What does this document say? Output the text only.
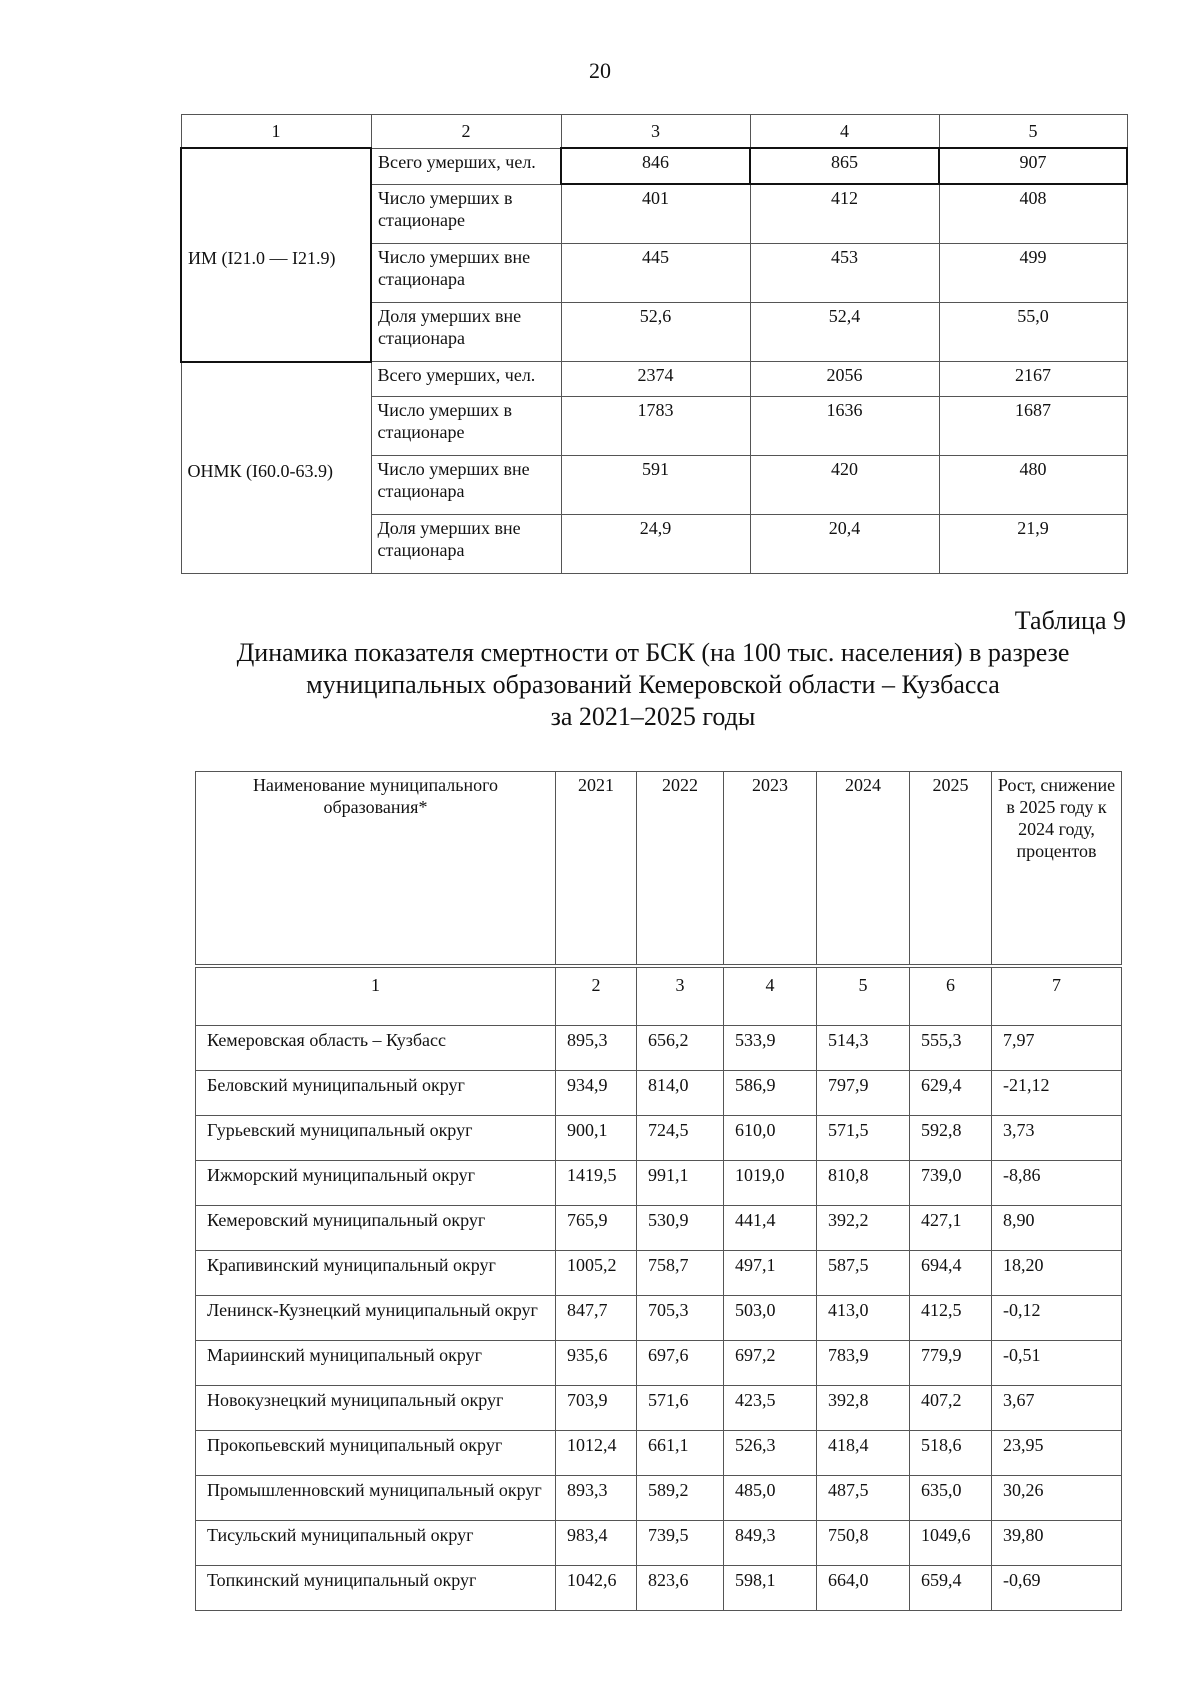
20
1	2	3	4	5
ИМ (I21.0 — I21.9)	Всего умерших, чел.	846	865	907
	Число умерших в стационаре	401	412	408
	Число умерших вне стационара	445	453	499
	Доля умерших вне стационара	52,6	52,4	55,0
ОНМК (I60.0-63.9)	Всего умерших, чел.	2374	2056	2167
	Число умерших в стационаре	1783	1636	1687
	Число умерших вне стационара	591	420	480
	Доля умерших вне стационара	24,9	20,4	21,9
Таблица 9
Динамика показателя смертности от БСК (на 100 тыс. населения) в разрезе
муниципальных образований Кемеровской области – Кузбасса
за 2021–2025 годы
Наименование муниципального образования*	2021	2022	2023	2024	2025	Рост, снижение в 2025 году к 2024 году, процентов
1	2	3	4	5	6	7
Кемеровская область – Кузбасс	895,3	656,2	533,9	514,3	555,3	7,97
Беловский муниципальный округ	934,9	814,0	586,9	797,9	629,4	-21,12
Гурьевский муниципальный округ	900,1	724,5	610,0	571,5	592,8	3,73
Ижморский муниципальный округ	1419,5	991,1	1019,0	810,8	739,0	-8,86
Кемеровский муниципальный округ	765,9	530,9	441,4	392,2	427,1	8,90
Крапивинский муниципальный округ	1005,2	758,7	497,1	587,5	694,4	18,20
Ленинск-Кузнецкий муниципальный округ	847,7	705,3	503,0	413,0	412,5	-0,12
Мариинский муниципальный округ	935,6	697,6	697,2	783,9	779,9	-0,51
Новокузнецкий муниципальный округ	703,9	571,6	423,5	392,8	407,2	3,67
Прокопьевский муниципальный округ	1012,4	661,1	526,3	418,4	518,6	23,95
Промышленновский муниципальный округ	893,3	589,2	485,0	487,5	635,0	30,26
Тисульский муниципальный округ	983,4	739,5	849,3	750,8	1049,6	39,80
Топкинский муниципальный округ	1042,6	823,6	598,1	664,0	659,4	-0,69
